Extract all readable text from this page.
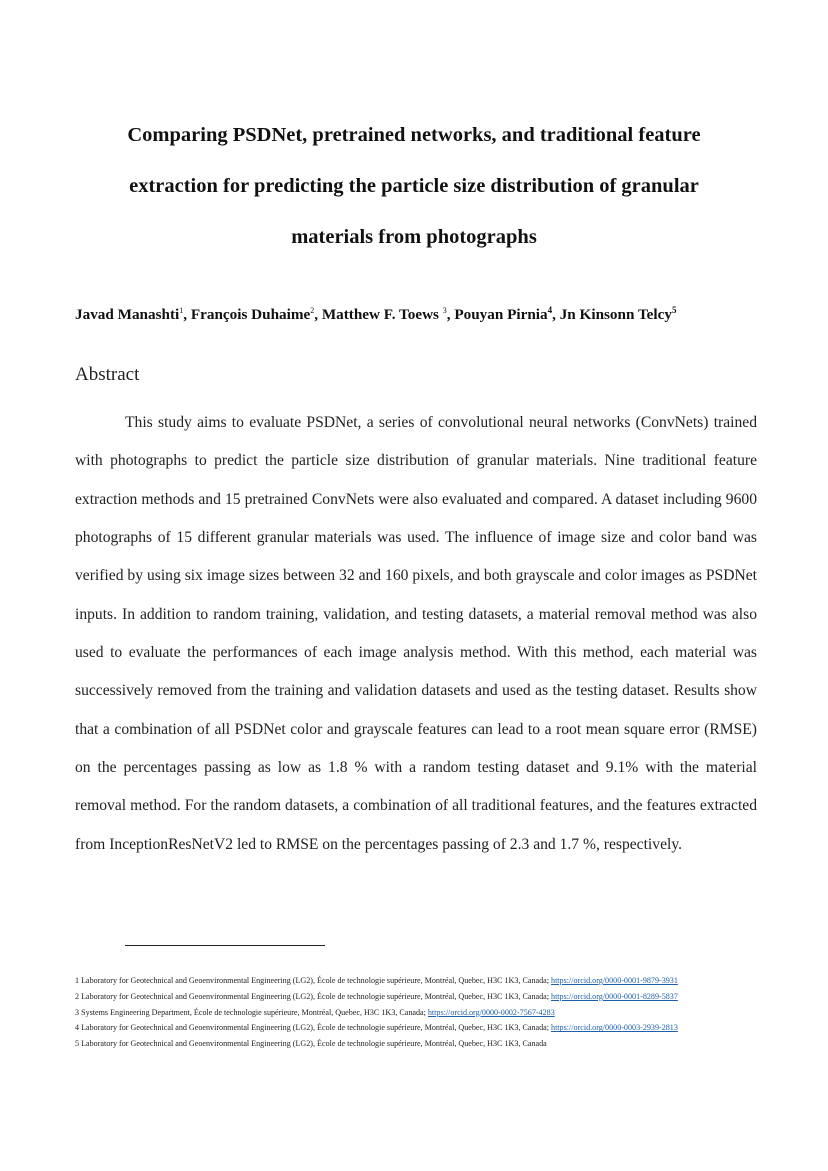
Comparing PSDNet, pretrained networks, and traditional feature
extraction for predicting the particle size distribution of granular
materials from photographs
Javad Manashti$^1$, François Duhaime$^2$, Matthew F. Toews $^3$, Pouyan Pirnia$^4$, Jn Kinsonn Telcy$^5$
Abstract

This study aims to evaluate PSDNet, a series of convolutional neural networks (ConvNets) trained with photographs to predict the particle size distribution of granular materials. Nine traditional feature extraction methods and 15 pretrained ConvNets were also evaluated and compared. A dataset including 9600 photographs of 15 different granular materials was used. The influence of image size and color band was verified by using six image sizes between 32 and 160 pixels, and both grayscale and color images as PSDNet inputs. In addition to random training, validation, and testing datasets, a material removal method was also used to evaluate the performances of each image analysis method. With this method, each material was successively removed from the training and validation datasets and used as the testing dataset. Results show that a combination of all PSDNet color and grayscale features can lead to a root mean square error (RMSE) on the percentages passing as low as 1.8 % with a random testing dataset and 9.1% with the material removal method. For the random datasets, a combination of all traditional features, and the features extracted from InceptionResNetV2 led to RMSE on the percentages passing of 2.3 and 1.7 %, respectively.

1 Laboratory for Geotechnical and Geoenvironmental Engineering (LG2), École de technologie supérieure, Montréal, Quebec, H3C 1K3, Canada; https://orcid.org/0000-0001-9879-3931
2 Laboratory for Geotechnical and Geoenvironmental Engineering (LG2), École de technologie supérieure, Montréal, Quebec, H3C 1K3, Canada; https://orcid.org/0000-0001-8289-5837
3 Systems Engineering Department, École de technologie supérieure, Montréal, Quebec, H3C 1K3, Canada; https://orcid.org/0000-0002-7567-4283
4 Laboratory for Geotechnical and Geoenvironmental Engineering (LG2), École de technologie supérieure, Montréal, Quebec, H3C 1K3, Canada; https://orcid.org/0000-0003-2939-2813
5 Laboratory for Geotechnical and Geoenvironmental Engineering (LG2), École de technologie supérieure, Montréal, Quebec, H3C 1K3, Canada
